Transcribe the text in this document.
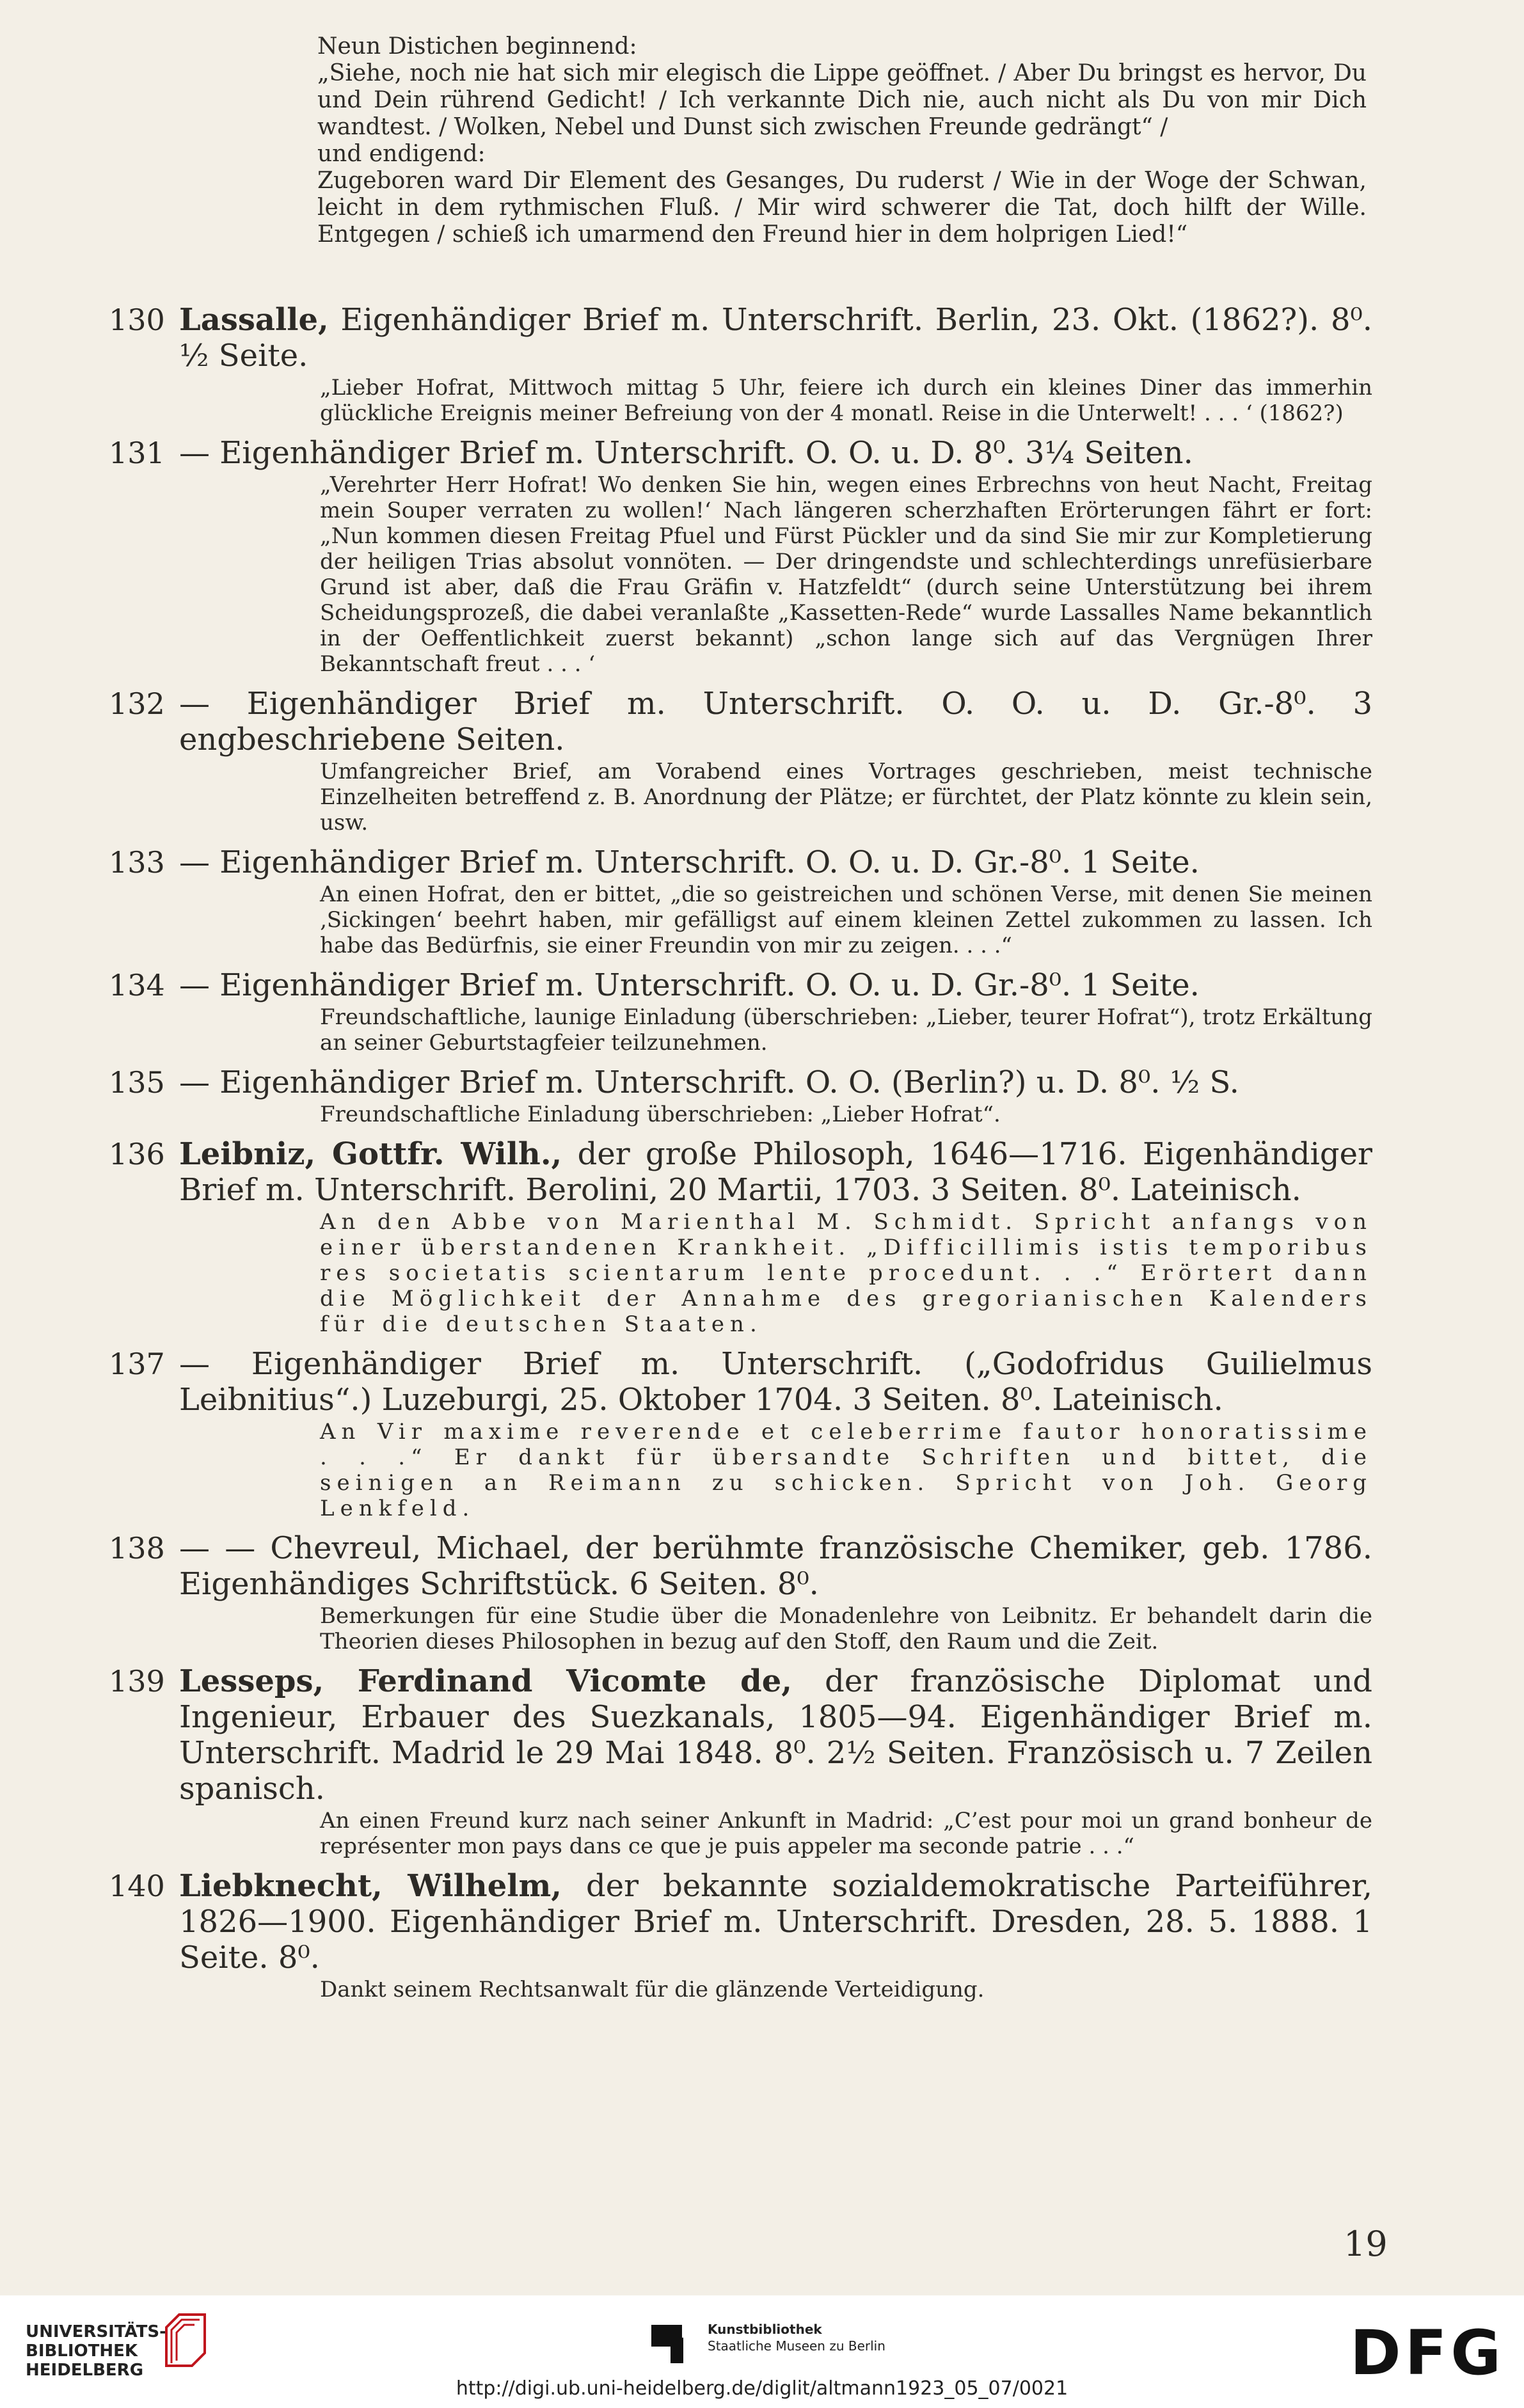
Neun Distichen beginnend:

„Siehe, noch nie hat sich mir elegisch die Lippe geöffnet. / Aber Du bringst es hervor, Du und Dein rührend Gedicht! / Ich verkannte Dich nie, auch nicht als Du von mir Dich wandtest. / Wolken, Nebel und Dunst sich zwischen Freunde gedrängt“ /

und endigend:

Zugeboren ward Dir Element des Gesanges, Du ruderst / Wie in der Woge der Schwan, leicht in dem rythmischen Fluß. / Mir wird schwerer die Tat, doch hilft der Wille. Entgegen / schieß ich umarmend den Freund hier in dem holprigen Lied!“

130 Lassalle, Eigenhändiger Brief m. Unterschrift. Berlin, 23. Okt. (1862?). 8⁰. ½ Seite.
„Lieber Hofrat, Mittwoch mittag 5 Uhr, feiere ich durch ein kleines Diner das immerhin glückliche Ereignis meiner Befreiung von der 4 monatl. Reise in die Unterwelt! . . . ‘ (1862?)
131 — Eigenhändiger Brief m. Unterschrift. O. O. u. D. 8⁰. 3¼ Seiten.
„Verehrter Herr Hofrat! Wo denken Sie hin, wegen eines Erbrechns von heut Nacht, Freitag mein Souper verraten zu wollen!‘ Nach längeren scherzhaften Erörterungen fährt er fort: „Nun kommen diesen Freitag Pfuel und Fürst Pückler und da sind Sie mir zur Kompletierung der heiligen Trias absolut vonnöten. — Der dringendste und schlechterdings unrefüsierbare Grund ist aber, daß die Frau Gräfin v. Hatzfeldt“ (durch seine Unterstützung bei ihrem Scheidungsprozeß, die dabei veranlaßte „Kassetten-Rede“ wurde Lassalles Name bekanntlich in der Oeffentlichkeit zuerst bekannt) „schon lange sich auf das Vergnügen Ihrer Bekanntschaft freut . . . ‘
132 — Eigenhändiger Brief m. Unterschrift. O. O. u. D. Gr.-8⁰. 3 engbeschriebene Seiten.
Umfangreicher Brief, am Vorabend eines Vortrages geschrieben, meist technische Einzelheiten betreffend z. B. Anordnung der Plätze; er fürchtet, der Platz könnte zu klein sein, usw.
133 — Eigenhändiger Brief m. Unterschrift. O. O. u. D. Gr.-8⁰. 1 Seite.
An einen Hofrat, den er bittet, „die so geistreichen und schönen Verse, mit denen Sie meinen ‚Sickingen‘ beehrt haben, mir gefälligst auf einem kleinen Zettel zukommen zu lassen. Ich habe das Bedürfnis, sie einer Freundin von mir zu zeigen. . . .“
134 — Eigenhändiger Brief m. Unterschrift. O. O. u. D. Gr.-8⁰. 1 Seite.
Freundschaftliche, launige Einladung (überschrieben: „Lieber, teurer Hofrat“), trotz Erkältung an seiner Geburtstagfeier teilzunehmen.
135 — Eigenhändiger Brief m. Unterschrift. O. O. (Berlin?) u. D. 8⁰. ½ S.
Freundschaftliche Einladung überschrieben: „Lieber Hofrat“.
136 Leibniz, Gottfr. Wilh., der große Philosoph, 1646—1716. Eigenhändiger Brief m. Unterschrift. Berolini, 20 Martii, 1703. 3 Seiten. 8⁰. Lateinisch.
An den Abbe von Marienthal M. Schmidt. Spricht anfangs von einer überstandenen Krankheit. „Difficillimis istis temporibus res societatis scientarum lente procedunt. . .“ Erörtert dann die Möglichkeit der Annahme des gregorianischen Kalenders für die deutschen Staaten.
137 — Eigenhändiger Brief m. Unterschrift. („Godofridus Guilielmus Leibnitius“.) Luzeburgi, 25. Oktober 1704. 3 Seiten. 8⁰. Lateinisch.
An Vir maxime reverende et celeberrime fautor honoratissime . . .“ Er dankt für übersandte Schriften und bittet, die seinigen an Reimann zu schicken. Spricht von Joh. Georg Lenkfeld.
138 — — Chevreul, Michael, der berühmte französische Chemiker, geb. 1786. Eigenhändiges Schriftstück. 6 Seiten. 8⁰.
Bemerkungen für eine Studie über die Monadenlehre von Leibnitz. Er behandelt darin die Theorien dieses Philosophen in bezug auf den Stoff, den Raum und die Zeit.
139 Lesseps, Ferdinand Vicomte de, der französische Diplomat und Ingenieur, Erbauer des Suezkanals, 1805—94. Eigenhändiger Brief m. Unterschrift. Madrid le 29 Mai 1848. 8⁰. 2½ Seiten. Französisch u. 7 Zeilen spanisch.
An einen Freund kurz nach seiner Ankunft in Madrid: „C’est pour moi un grand bonheur de représenter mon pays dans ce que je puis appeler ma seconde patrie . . .“
140 Liebknecht, Wilhelm, der bekannte sozialdemokratische Parteiführer, 1826—1900. Eigenhändiger Brief m. Unterschrift. Dresden, 28. 5. 1888. 1 Seite. 8⁰.
Dankt seinem Rechtsanwalt für die glänzende Verteidigung.
19
UNIVERSITÄTS-
BIBLIOTHEK
HEIDELBERG
Kunstbibliothek
Staatliche Museen zu Berlin	DFG
http://digi.ub.uni-heidelberg.de/diglit/altmann1923_05_07/0021
